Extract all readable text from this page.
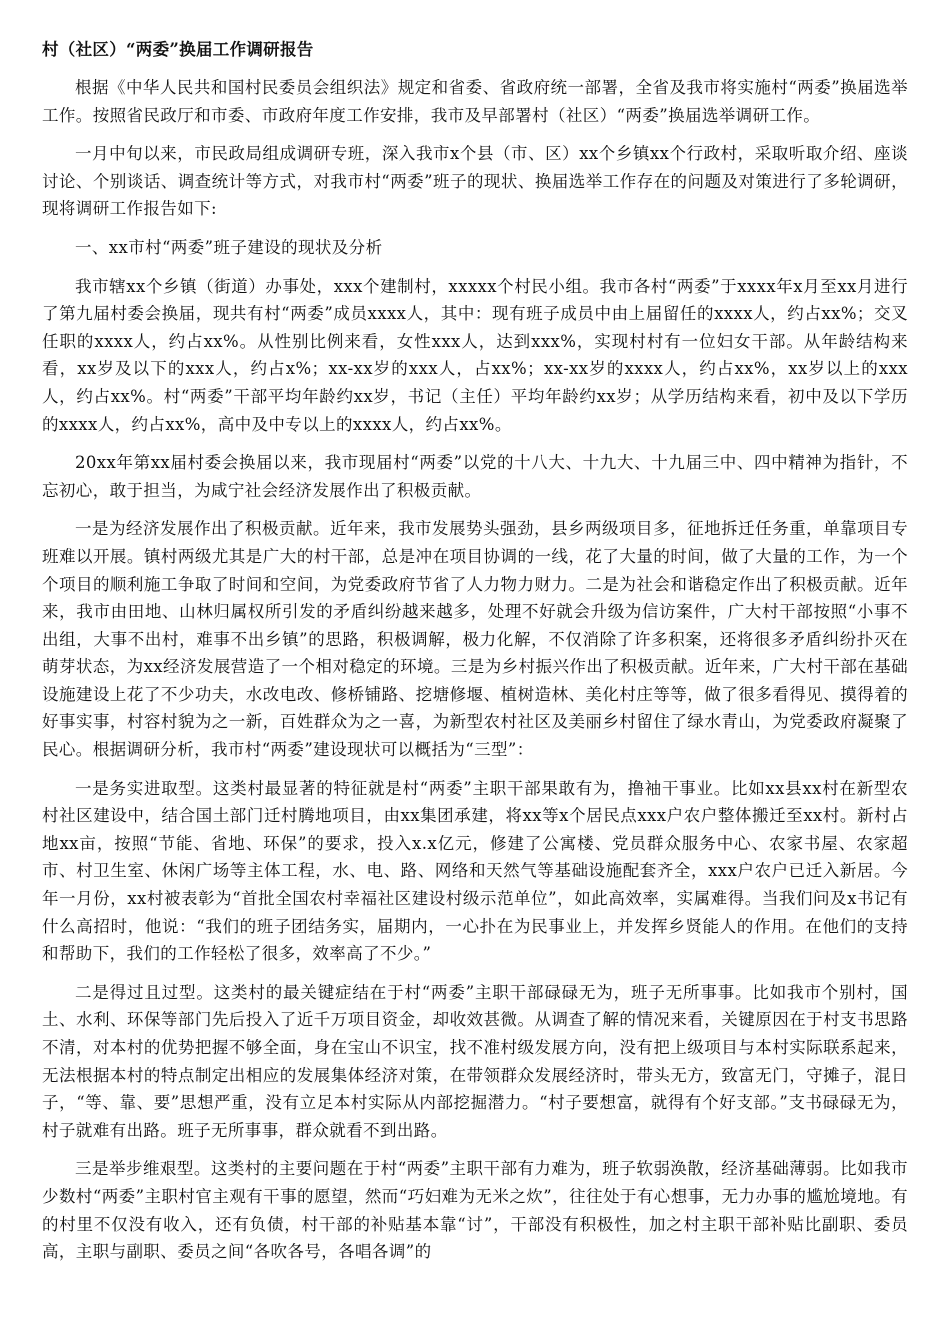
村（社区）“两委”换届工作调研报告

根据《中华人民共和国村民委员会组织法》规定和省委、省政府统一部署，全省及我市将实施村“两委”换届选举工作。按照省民政厅和市委、市政府年度工作安排，我市及早部署村（社区）“两委”换届选举调研工作。

一月中旬以来，市民政局组成调研专班，深入我市x个县（市、区）xx个乡镇xx个行政村，采取听取介绍、座谈讨论、个别谈话、调查统计等方式，对我市村“两委”班子的现状、换届选举工作存在的问题及对策进行了多轮调研，现将调研工作报告如下:

一、xx市村“两委”班子建设的现状及分析

我市辖xx个乡镇（街道）办事处，xxx个建制村，xxxxx个村民小组。我市各村“两委”于xxxx年x月至xx月进行了第九届村委会换届，现共有村“两委”成员xxxx人，其中：现有班子成员中由上届留任的xxxx人，约占xx%；交叉任职的xxxx人，约占xx%。从性别比例来看，女性xxx人，达到xxx%，实现村村有一位妇女干部。从年龄结构来看，xx岁及以下的xxx人，约占x%；xx-xx岁的xxx人，占xx%；xx-xx岁的xxxx人，约占xx%，xx岁以上的xxx人，约占xx%。村“两委”干部平均年龄约xx岁，书记（主任）平均年龄约xx岁；从学历结构来看，初中及以下学历的xxxx人，约占xx%，高中及中专以上的xxxx人，约占xx%。

20xx年第xx届村委会换届以来，我市现届村“两委”以党的十八大、十九大、十九届三中、四中精神为指针，不忘初心，敢于担当，为咸宁社会经济发展作出了积极贡献。

一是为经济发展作出了积极贡献。近年来，我市发展势头强劲，县乡两级项目多，征地拆迁任务重，单靠项目专班难以开展。镇村两级尤其是广大的村干部，总是冲在项目协调的一线，花了大量的时间，做了大量的工作，为一个个项目的顺利施工争取了时间和空间，为党委政府节省了人力物力财力。二是为社会和谐稳定作出了积极贡献。近年来，我市由田地、山林归属权所引发的矛盾纠纷越来越多，处理不好就会升级为信访案件，广大村干部按照“小事不出组，大事不出村，难事不出乡镇”的思路，积极调解，极力化解，不仅消除了许多积案，还将很多矛盾纠纷扑灭在萌芽状态，为xx经济发展营造了一个相对稳定的环境。三是为乡村振兴作出了积极贡献。近年来，广大村干部在基础设施建设上花了不少功夫，水改电改、修桥铺路、挖塘修堰、植树造林、美化村庄等等，做了很多看得见、摸得着的好事实事，村容村貌为之一新，百姓群众为之一喜，为新型农村社区及美丽乡村留住了绿水青山，为党委政府凝聚了民心。根据调研分析，我市村“两委”建设现状可以概括为“三型”：

一是务实进取型。这类村最显著的特征就是村“两委”主职干部果敢有为，撸袖干事业。比如xx县xx村在新型农村社区建设中，结合国土部门迁村腾地项目，由xx集团承建，将xx等x个居民点xxx户农户整体搬迁至xx村。新村占地xx亩，按照“节能、省地、环保”的要求，投入x.x亿元，修建了公寓楼、党员群众服务中心、农家书屋、农家超市、村卫生室、休闲广场等主体工程，水、电、路、网络和天然气等基础设施配套齐全，xxx户农户已迁入新居。今年一月份，xx村被表彰为“首批全国农村幸福社区建设村级示范单位”，如此高效率，实属难得。当我们问及x书记有什么高招时，他说：“我们的班子团结务实，届期内，一心扑在为民事业上，并发挥乡贤能人的作用。在他们的支持和帮助下，我们的工作轻松了很多，效率高了不少。”

二是得过且过型。这类村的最关键症结在于村“两委”主职干部碌碌无为，班子无所事事。比如我市个别村，国土、水利、环保等部门先后投入了近千万项目资金，却收效甚微。从调查了解的情况来看，关键原因在于村支书思路不清，对本村的优势把握不够全面，身在宝山不识宝，找不准村级发展方向，没有把上级项目与本村实际联系起来，无法根据本村的特点制定出相应的发展集体经济对策，在带领群众发展经济时，带头无方，致富无门，守摊子，混日子，“等、靠、要”思想严重，没有立足本村实际从内部挖掘潜力。“村子要想富，就得有个好支部。”支书碌碌无为，村子就难有出路。班子无所事事，群众就看不到出路。

三是举步维艰型。这类村的主要问题在于村“两委”主职干部有力难为，班子软弱涣散，经济基础薄弱。比如我市少数村“两委”主职村官主观有干事的愿望，然而“巧妇难为无米之炊”，往往处于有心想事，无力办事的尴尬境地。有的村里不仅没有收入，还有负债，村干部的补贴基本靠“讨”，干部没有积极性，加之村主职干部补贴比副职、委员高，主职与副职、委员之间“各吹各号，各唱各调”的
